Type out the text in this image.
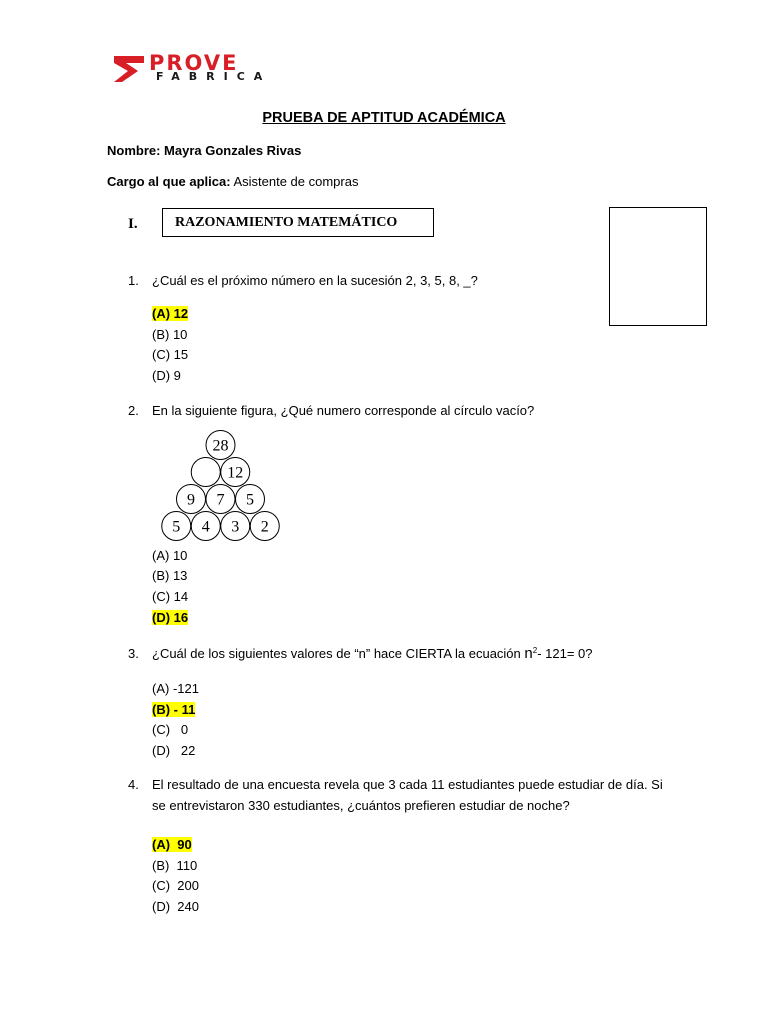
PROVE
FABRICA
PRUEBA DE APTITUD ACADÉMICA
Nombre: Mayra Gonzales Rivas
Cargo al que aplica: Asistente de compras
I.	RAZONAMIENTO MATEMÁTICO
1. ¿Cuál es el próximo número en la sucesión 2, 3, 5, 8, _?
(A) 12
(B) 10
(C) 15
(D) 9
2. En la siguiente figura, ¿Qué numero corresponde al círculo vacío?
28
12
9 7 5
5 4 3 2
(A) 10
(B) 13
(C) 14
(D) 16
3. ¿Cuál de los siguientes valores de “n” hace CIERTA la ecuación $n^2-$ 121= 0?
(A) -121
(B) - 11
(C)   0
(D)   22
4. El resultado de una encuesta revela que 3 cada 11 estudiantes puede estudiar de día. Si se entrevistaron 330 estudiantes, ¿cuántos prefieren estudiar de noche?
(A)  90
(B)  110
(C)  200
(D)  240
